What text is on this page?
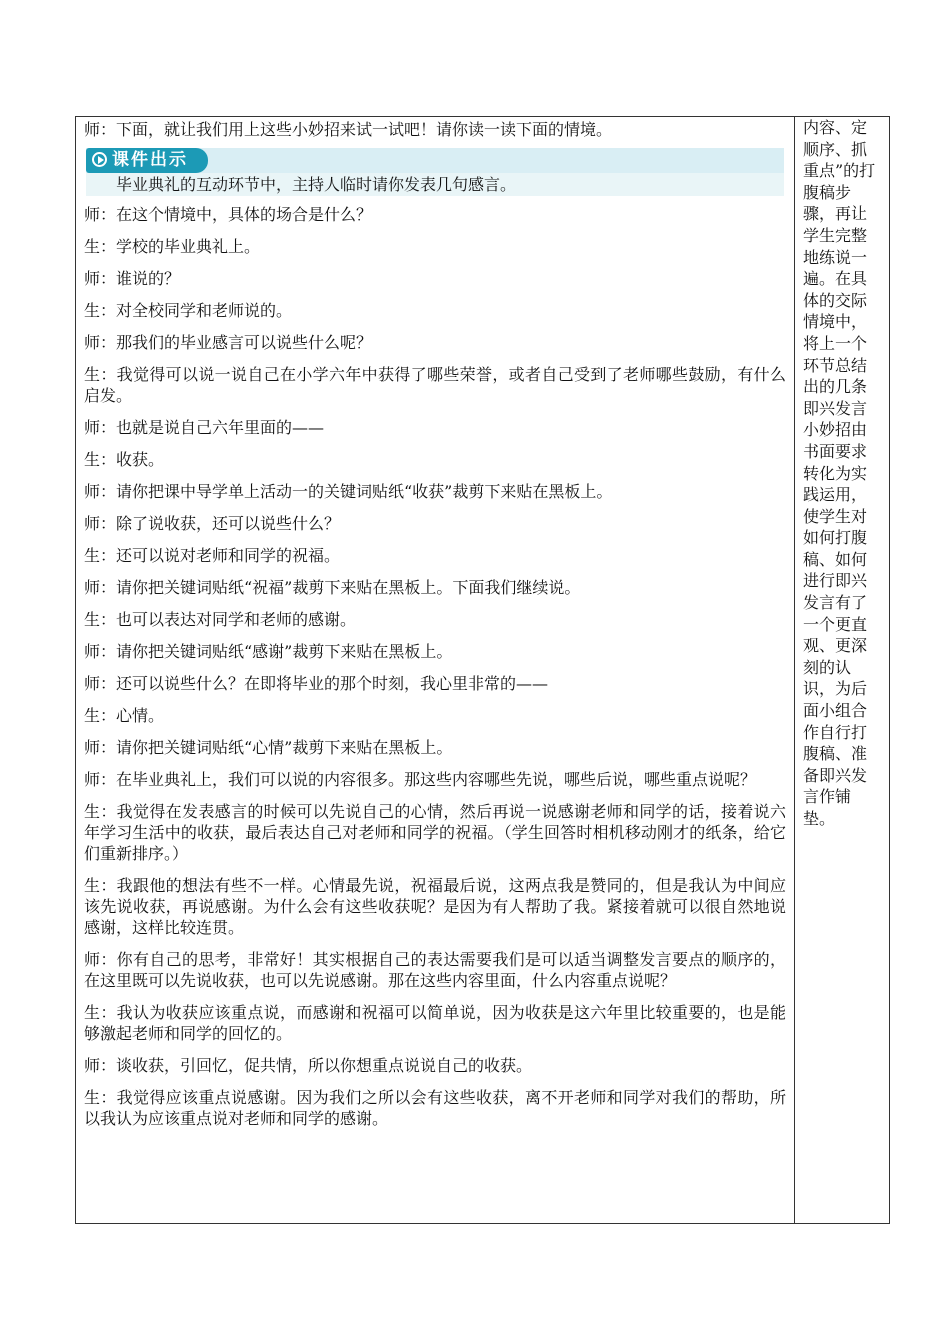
师：下面，就让我们用上这些小妙招来试一试吧！请你读一读下面的情境。
课件出示
毕业典礼的互动环节中，主持人临时请你发表几句感言。
师：在这个情境中，具体的场合是什么？
生：学校的毕业典礼上。
师：谁说的？
生：对全校同学和老师说的。
师：那我们的毕业感言可以说些什么呢？
生：我觉得可以说一说自己在小学六年中获得了哪些荣誉，或者自己受到了老师哪些鼓励，有什么启发。
师：也就是说自己六年里面的——
生：收获。
师：请你把课中导学单上活动一的关键词贴纸“收获”裁剪下来贴在黑板上。
师：除了说收获，还可以说些什么？
生：还可以说对老师和同学的祝福。
师：请你把关键词贴纸“祝福”裁剪下来贴在黑板上。下面我们继续说。
生：也可以表达对同学和老师的感谢。
师：请你把关键词贴纸“感谢”裁剪下来贴在黑板上。
师：还可以说些什么？在即将毕业的那个时刻，我心里非常的——
生：心情。
师：请你把关键词贴纸“心情”裁剪下来贴在黑板上。
师：在毕业典礼上，我们可以说的内容很多。那这些内容哪些先说，哪些后说，哪些重点说呢？
生：我觉得在发表感言的时候可以先说自己的心情，然后再说一说感谢老师和同学的话，接着说六年学习生活中的收获，最后表达自己对老师和同学的祝福。（学生回答时相机移动刚才的纸条，给它们重新排序。）
生：我跟他的想法有些不一样。心情最先说，祝福最后说，这两点我是赞同的，但是我认为中间应该先说收获，再说感谢。为什么会有这些收获呢？是因为有人帮助了我。紧接着就可以很自然地说感谢，这样比较连贯。
师：你有自己的思考，非常好！其实根据自己的表达需要我们是可以适当调整发言要点的顺序的，在这里既可以先说收获，也可以先说感谢。那在这些内容里面，什么内容重点说呢？
生：我认为收获应该重点说，而感谢和祝福可以简单说，因为收获是这六年里比较重要的，也是能够激起老师和同学的回忆的。
师：谈收获，引回忆，促共情，所以你想重点说说自己的收获。
生：我觉得应该重点说感谢。因为我们之所以会有这些收获，离不开老师和同学对我们的帮助，所以我认为应该重点说对老师和同学的感谢。
内容、定顺序、抓重点”的打腹稿步骤，再让学生完整地练说一遍。在具体的交际情境中，将上一个环节总结出的几条即兴发言小妙招由书面要求转化为实践运用，使学生对如何打腹稿、如何进行即兴发言有了一个更直观、更深刻的认识，为后面小组合作自行打腹稿、准备即兴发言作铺垫。
